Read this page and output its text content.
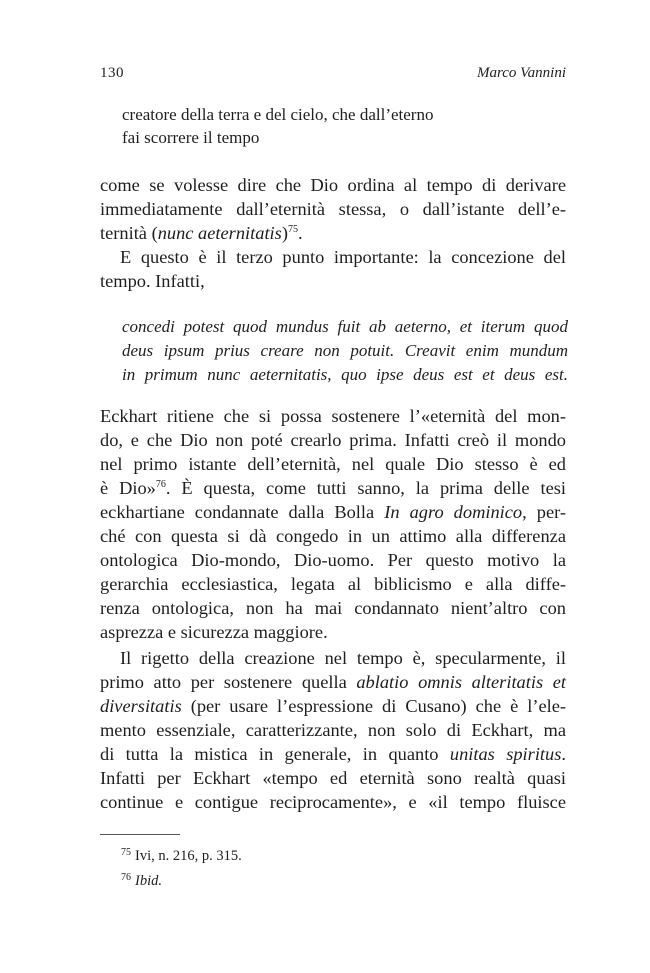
130	Marco Vannini
creatore della terra e del cielo, che dall’eterno
fai scorrere il tempo
come se volesse dire che Dio ordina al tempo di derivare
immediatamente dall’eternità stessa, o dall’istante dell’e-
ternità (nunc aeternitatis)$^{75}$.
E questo è il terzo punto importante: la concezione del
tempo. Infatti,
concedi potest quod mundus fuit ab aeterno, et iterum quod
deus ipsum prius creare non potuit. Creavit enim mundum
in primum nunc aeternitatis, quo ipse deus est et deus est.
Eckhart ritiene che si possa sostenere l’«eternità del mon-
do, e che Dio non poté crearlo prima. Infatti creò il mondo
nel primo istante dell’eternità, nel quale Dio stesso è ed
è Dio»$^{76}$. È questa, come tutti sanno, la prima delle tesi
eckhartiane condannate dalla Bolla In agro dominico, per-
ché con questa si dà congedo in un attimo alla differenza
ontologica Dio-mondo, Dio-uomo. Per questo motivo la
gerarchia ecclesiastica, legata al biblicismo e alla diffe-
renza ontologica, non ha mai condannato nient’altro con
asprezza e sicurezza maggiore.
Il rigetto della creazione nel tempo è, specularmente, il
primo atto per sostenere quella ablatio omnis alteritatis et
diversitatis (per usare l’espressione di Cusano) che è l’ele-
mento essenziale, caratterizzante, non solo di Eckhart, ma
di tutta la mistica in generale, in quanto unitas spiritus.
Infatti per Eckhart «tempo ed eternità sono realtà quasi
continue e contigue reciprocamente», e «il tempo fluisce
$^{75}$ Ivi, n. 216, p. 315.
$^{76}$ Ibid.
